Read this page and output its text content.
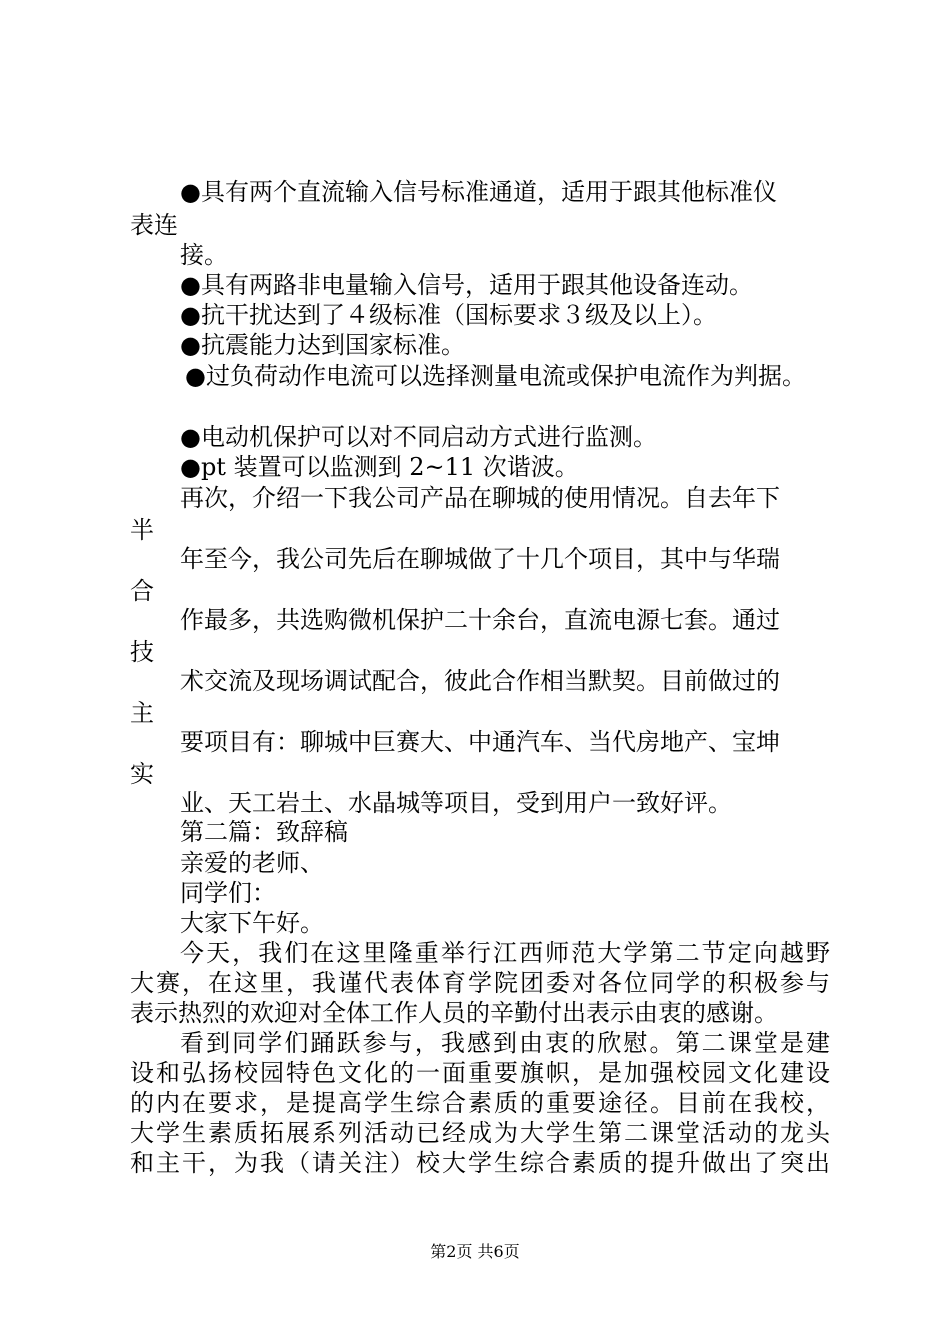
●具有两个直流输入信号标准通道，适用于跟其他标准仪
表连
接。
●具有两路非电量输入信号，适用于跟其他设备连动。
●抗干扰达到了４级标准（国标要求３级及以上）。
●抗震能力达到国家标准。
●过负荷动作电流可以选择测量电流或保护电流作为判据。
●电动机保护可以对不同启动方式进行监测。
●pt 装置可以监测到 2~11 次谐波。
再次，介绍一下我公司产品在聊城的使用情况。自去年下
半
年至今，我公司先后在聊城做了十几个项目，其中与华瑞
合
作最多，共选购微机保护二十余台，直流电源七套。通过
技
术交流及现场调试配合，彼此合作相当默契。目前做过的
主
要项目有：聊城中巨赛大、中通汽车、当代房地产、宝坤
实
业、天工岩土、水晶城等项目，受到用户一致好评。
第二篇：致辞稿
亲爱的老师、
同学们：
大家下午好。
今天，我们在这里隆重举行江西师范大学第二节定向越野
大赛，在这里，我谨代表体育学院团委对各位同学的积极参与
表示热烈的欢迎对全体工作人员的辛勤付出表示由衷的感谢。
看到同学们踊跃参与，我感到由衷的欣慰。第二课堂是建
设和弘扬校园特色文化的一面重要旗帜，是加强校园文化建设
的内在要求，是提高学生综合素质的重要途径。目前在我校，
大学生素质拓展系列活动已经成为大学生第二课堂活动的龙头
和主干，为我（请关注）校大学生综合素质的提升做出了突出
第2页 共6页
